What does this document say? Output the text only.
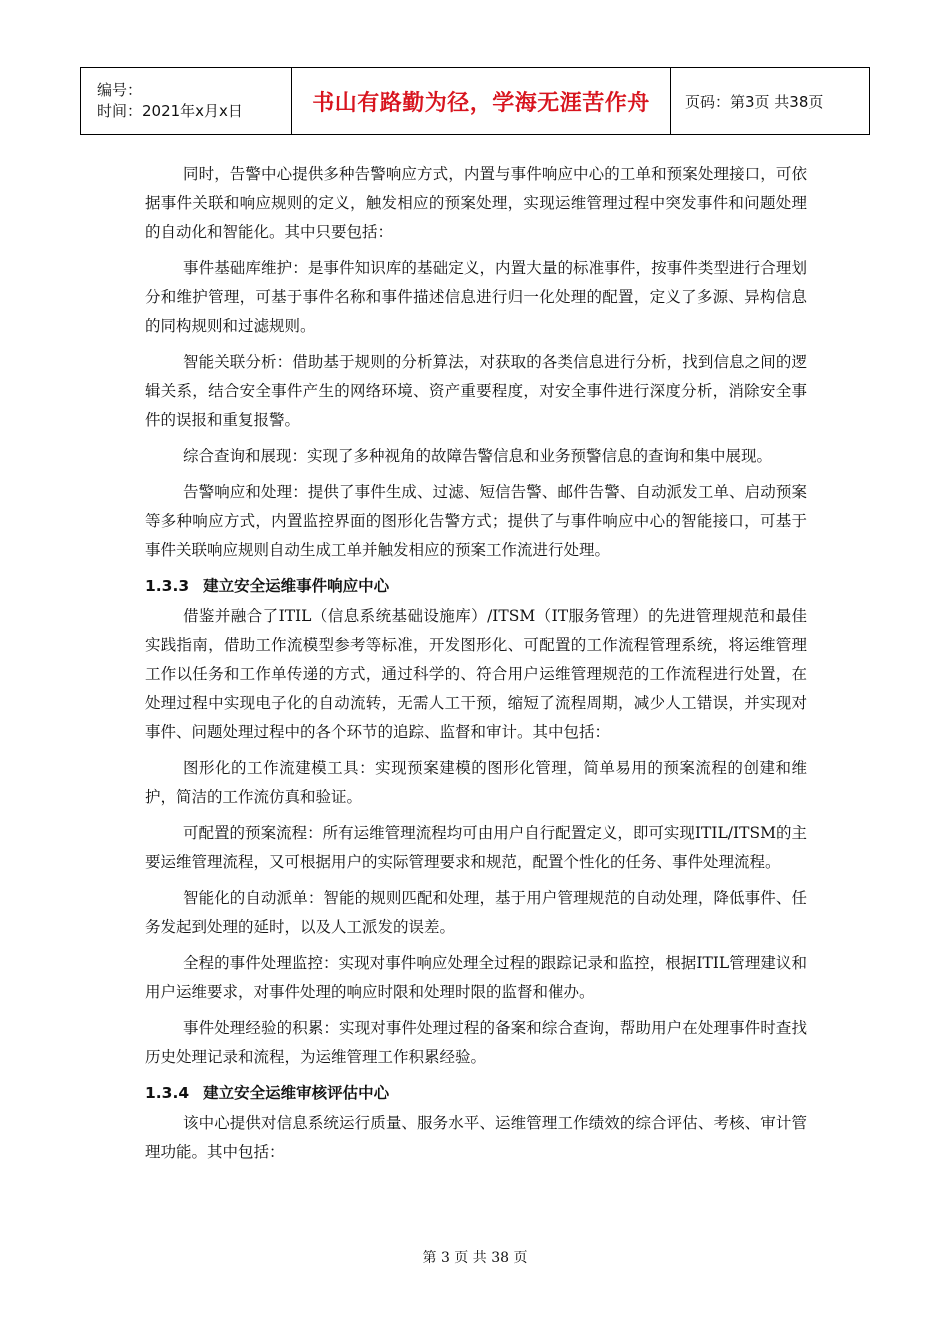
编号：
时间：2021年x月x日	书山有路勤为径，学海无涯苦作舟	页码：第3页 共38页

同时，告警中心提供多种告警响应方式，内置与事件响应中心的工单和预案处理接口，可依据事件关联和响应规则的定义，触发相应的预案处理，实现运维管理过程中突发事件和问题处理的自动化和智能化。其中只要包括：

事件基础库维护：是事件知识库的基础定义，内置大量的标准事件，按事件类型进行合理划分和维护管理，可基于事件名称和事件描述信息进行归一化处理的配置，定义了多源、异构信息的同构规则和过滤规则。

智能关联分析：借助基于规则的分析算法，对获取的各类信息进行分析，找到信息之间的逻辑关系，结合安全事件产生的网络环境、资产重要程度，对安全事件进行深度分析，消除安全事件的误报和重复报警。

综合查询和展现：实现了多种视角的故障告警信息和业务预警信息的查询和集中展现。

告警响应和处理：提供了事件生成、过滤、短信告警、邮件告警、自动派发工单、启动预案等多种响应方式，内置监控界面的图形化告警方式；提供了与事件响应中心的智能接口，可基于事件关联响应规则自动生成工单并触发相应的预案工作流进行处理。

1.3.3 建立安全运维事件响应中心

借鉴并融合了ITIL（信息系统基础设施库）/ITSM（IT服务管理）的先进管理规范和最佳实践指南，借助工作流模型参考等标准，开发图形化、可配置的工作流程管理系统，将运维管理工作以任务和工作单传递的方式，通过科学的、符合用户运维管理规范的工作流程进行处置，在处理过程中实现电子化的自动流转，无需人工干预，缩短了流程周期，减少人工错误，并实现对事件、问题处理过程中的各个环节的追踪、监督和审计。其中包括：

图形化的工作流建模工具：实现预案建模的图形化管理，简单易用的预案流程的创建和维护，简洁的工作流仿真和验证。

可配置的预案流程：所有运维管理流程均可由用户自行配置定义，即可实现ITIL/ITSM的主要运维管理流程，又可根据用户的实际管理要求和规范，配置个性化的任务、事件处理流程。

智能化的自动派单：智能的规则匹配和处理，基于用户管理规范的自动处理，降低事件、任务发起到处理的延时，以及人工派发的误差。

全程的事件处理监控：实现对事件响应处理全过程的跟踪记录和监控，根据ITIL管理建议和用户运维要求，对事件处理的响应时限和处理时限的监督和催办。

事件处理经验的积累：实现对事件处理过程的备案和综合查询，帮助用户在处理事件时查找历史处理记录和流程，为运维管理工作积累经验。

1.3.4 建立安全运维审核评估中心

该中心提供对信息系统运行质量、服务水平、运维管理工作绩效的综合评估、考核、审计管理功能。其中包括：

第 3 页 共 38 页
